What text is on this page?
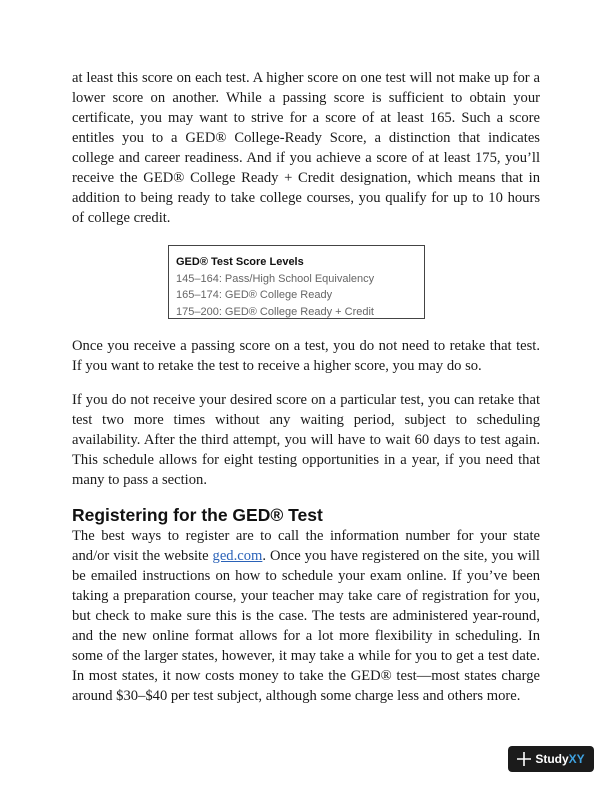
at least this score on each test. A higher score on one test will not make up for a lower score on another. While a passing score is sufficient to obtain your certificate, you may want to strive for a score of at least 165. Such a score entitles you to a GED® College-Ready Score, a distinction that indicates college and career readiness. And if you achieve a score of at least 175, you’ll receive the GED® College Ready + Credit designation, which means that in addition to being ready to take college courses, you qualify for up to 10 hours of college credit.

GED® Test Score Levels
145–164: Pass/High School Equivalency
165–174: GED® College Ready
175–200: GED® College Ready + Credit

Once you receive a passing score on a test, you do not need to retake that test. If you want to retake the test to receive a higher score, you may do so.

If you do not receive your desired score on a particular test, you can retake that test two more times without any waiting period, subject to scheduling availability. After the third attempt, you will have to wait 60 days to test again. This schedule allows for eight testing opportunities in a year, if you need that many to pass a section.

Registering for the GED® Test

The best ways to register are to call the information number for your state and/or visit the website ged.com. Once you have registered on the site, you will be emailed instructions on how to schedule your exam online. If you’ve been taking a preparation course, your teacher may take care of registration for you, but check to make sure this is the case. The tests are administered year-round, and the new online format allows for a lot more flexibility in scheduling. In some of the larger states, however, it may take a while for you to get a test date. In most states, it now costs money to take the GED® test—most states charge around $30–$40 per test subject, although some charge less and others more.

Study XY
